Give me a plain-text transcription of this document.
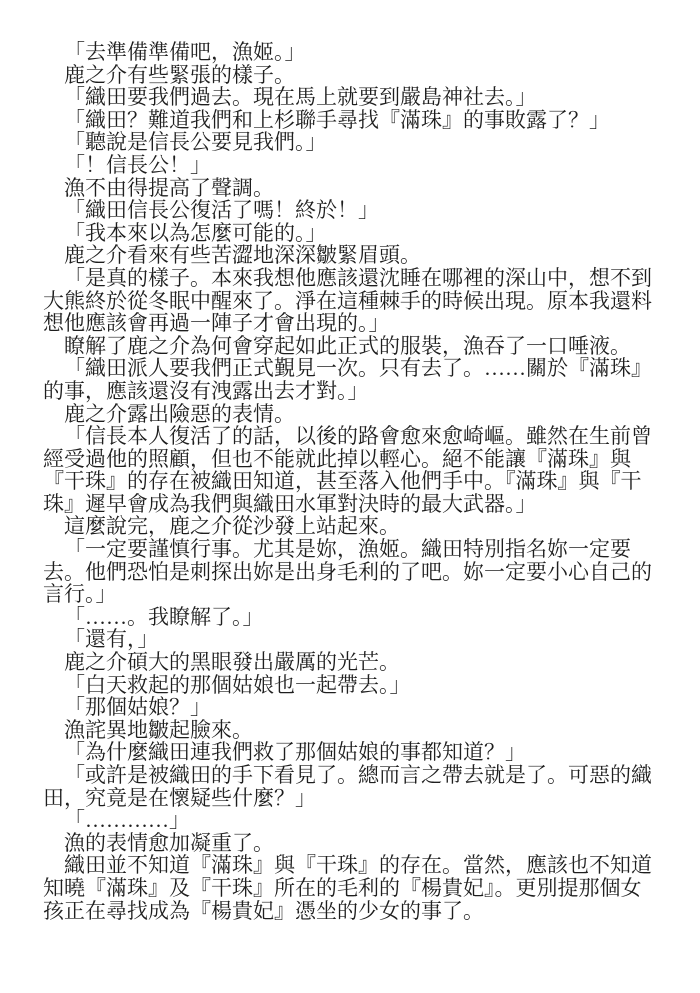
「去準備準備吧，漁姬。」
鹿之介有些緊張的樣子。
「織田要我們過去。現在馬上就要到嚴島神社去。」
「織田？難道我們和上杉聯手尋找『滿珠』的事敗露了？」
「聽說是信長公要見我們。」
「！信長公！」
漁不由得提高了聲調。
「織田信長公復活了嗎！終於！」
「我本來以為怎麼可能的。」
鹿之介看來有些苦澀地深深皺緊眉頭。
「是真的樣子。本來我想他應該還沈睡在哪裡的深山中，想不到
大熊終於從冬眠中醒來了。淨在這種棘手的時候出現。原本我還料
想他應該會再過一陣子才會出現的。」
瞭解了鹿之介為何會穿起如此正式的服裝，漁吞了一口唾液。
「織田派人要我們正式覲見一次。只有去了。……關於『滿珠』
的事，應該還沒有洩露出去才對。」
鹿之介露出險惡的表情。
「信長本人復活了的話，以後的路會愈來愈崎嶇。雖然在生前曾
經受過他的照顧，但也不能就此掉以輕心。絕不能讓『滿珠』與
『干珠』的存在被織田知道，甚至落入他們手中。『滿珠』與『干
珠』遲早會成為我們與織田水軍對決時的最大武器。」
這麼說完，鹿之介從沙發上站起來。
「一定要謹慎行事。尤其是妳，漁姬。織田特別指名妳一定要
去。他們恐怕是刺探出妳是出身毛利的了吧。妳一定要小心自己的
言行。」
「……。我瞭解了。」
「還有，」
鹿之介碩大的黑眼發出嚴厲的光芒。
「白天救起的那個姑娘也一起帶去。」
「那個姑娘？」
漁詫異地皺起臉來。
「為什麼織田連我們救了那個姑娘的事都知道？」
「或許是被織田的手下看見了。總而言之帶去就是了。可惡的織
田，究竟是在懷疑些什麼？」
「…………」
漁的表情愈加凝重了。
織田並不知道『滿珠』與『干珠』的存在。當然，應該也不知道
知曉『滿珠』及『干珠』所在的毛利的『楊貴妃』。更別提那個女
孩正在尋找成為『楊貴妃』憑坐的少女的事了。
